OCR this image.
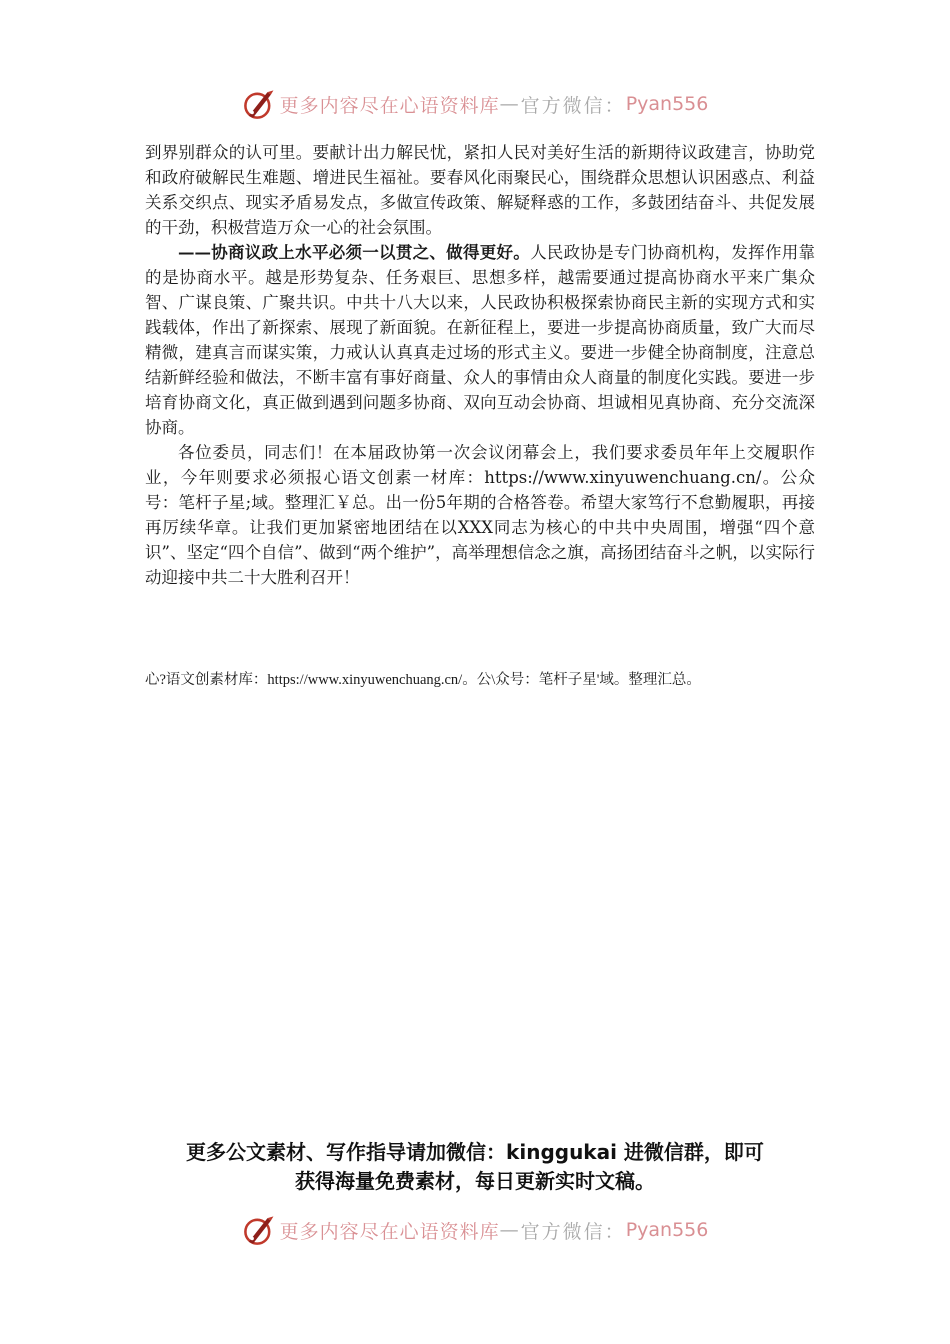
更多内容尽在心语资料库 — 官方微信： Pyan556

到界别群众的认可里。要献计出力解民忧，紧扣人民对美好生活的新期待议政建言，协助党和政府破解民生难题、增进民生福祉。要春风化雨聚民心，围绕群众思想认识困惑点、利益关系交织点、现实矛盾易发点，多做宣传政策、解疑释惑的工作，多鼓团结奋斗、共促发展的干劲，积极营造万众一心的社会氛围。

——协商议政上水平必须一以贯之、做得更好。人民政协是专门协商机构，发挥作用靠的是协商水平。越是形势复杂、任务艰巨、思想多样，越需要通过提高协商水平来广集众智、广谋良策、广聚共识。中共十八大以来，人民政协积极探索协商民主新的实现方式和实践载体，作出了新探索、展现了新面貌。在新征程上，要进一步提高协商质量，致广大而尽精微，建真言而谋实策，力戒认认真真走过场的形式主义。要进一步健全协商制度，注意总结新鲜经验和做法，不断丰富有事好商量、众人的事情由众人商量的制度化实践。要进一步培育协商文化，真正做到遇到问题多协商、双向互动会协商、坦诚相见真协商、充分交流深协商。

各位委员，同志们！在本届政协第一次会议闭幕会上，我们要求委员年年上交履职作业，今年则要求必须报心语文创素一材库：https://www.xinyuwenchuang.cn/。公众号：笔杆子星;域。整理汇￥总。出一份5年期的合格答卷。希望大家笃行不怠勤履职，再接再厉续华章。让我们更加紧密地团结在以XXX同志为核心的中共中央周围，增强“四个意识”、坚定“四个自信”、做到“两个维护”，高举理想信念之旗，高扬团结奋斗之帆，以实际行动迎接中共二十大胜利召开！

心?语文创素材库：https://www.xinyuwenchuang.cn/。公\众号：笔杆子星'域。整理汇总。
更多公文素材、写作指导请加微信：kinggukai 进微信群，即可
获得海量免费素材，每日更新实时文稿。
更多内容尽在心语资料库 — 官方微信： Pyan556
